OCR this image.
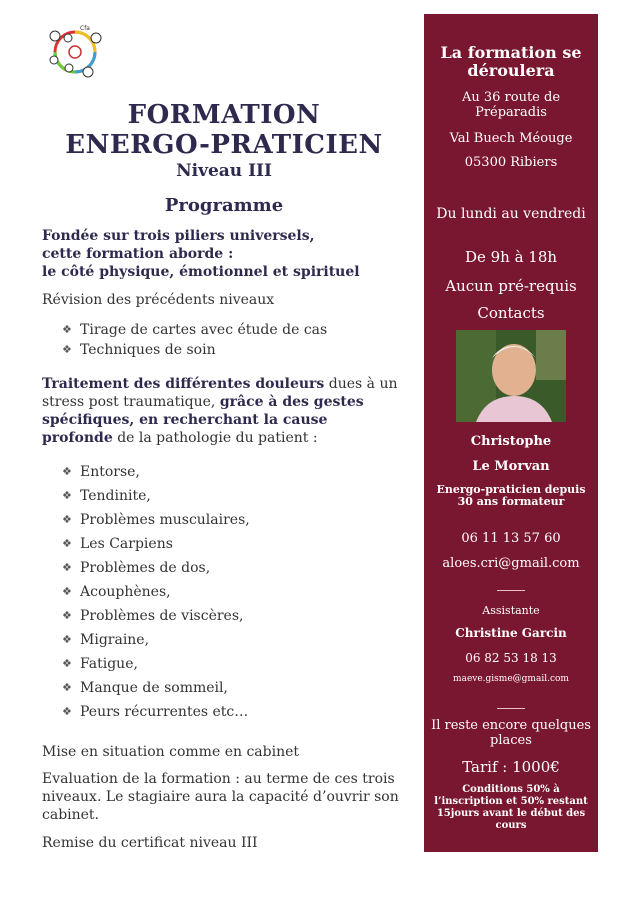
Cfa
FORMATION
ENERGO-PRATICIEN
Niveau III
Programme
Fondée sur trois piliers universels,
cette formation aborde :
le côté physique, émotionnel et spirituel
Révision des précédents niveaux
❖ Tirage de cartes avec étude de cas
❖ Techniques de soin
Traitement des différentes douleurs dues à un stress post traumatique, grâce à des gestes spécifiques, en recherchant la cause profonde de la pathologie du patient :
❖ Entorse,
❖ Tendinite,
❖ Problèmes musculaires,
❖ Les Carpiens
❖ Problèmes de dos,
❖ Acouphènes,
❖ Problèmes de viscères,
❖ Migraine,
❖ Fatigue,
❖ Manque de sommeil,
❖ Peurs récurrentes etc…
Mise en situation comme en cabinet
Evaluation de la formation : au terme de ces trois niveaux. Le stagiaire aura la capacité d’ouvrir son cabinet.
Remise du certificat niveau III
La formation se déroulera
Au 36 route de Préparadis
Val Buech Méouge
05300 Ribiers
Du lundi au vendredi
De 9h à 18h
Aucun pré-requis
Contacts
Christophe
Le Morvan
Energo-praticien depuis 30 ans formateur
06 11 13 57 60
aloes.cri@gmail.com
Assistante
Christine Garcin
06 82 53 18 13
maeve.gisme@gmail.com
Il reste encore quelques places
Tarif : 1000€
Conditions 50% à l’inscription et 50% restant 15jours avant le début des cours
